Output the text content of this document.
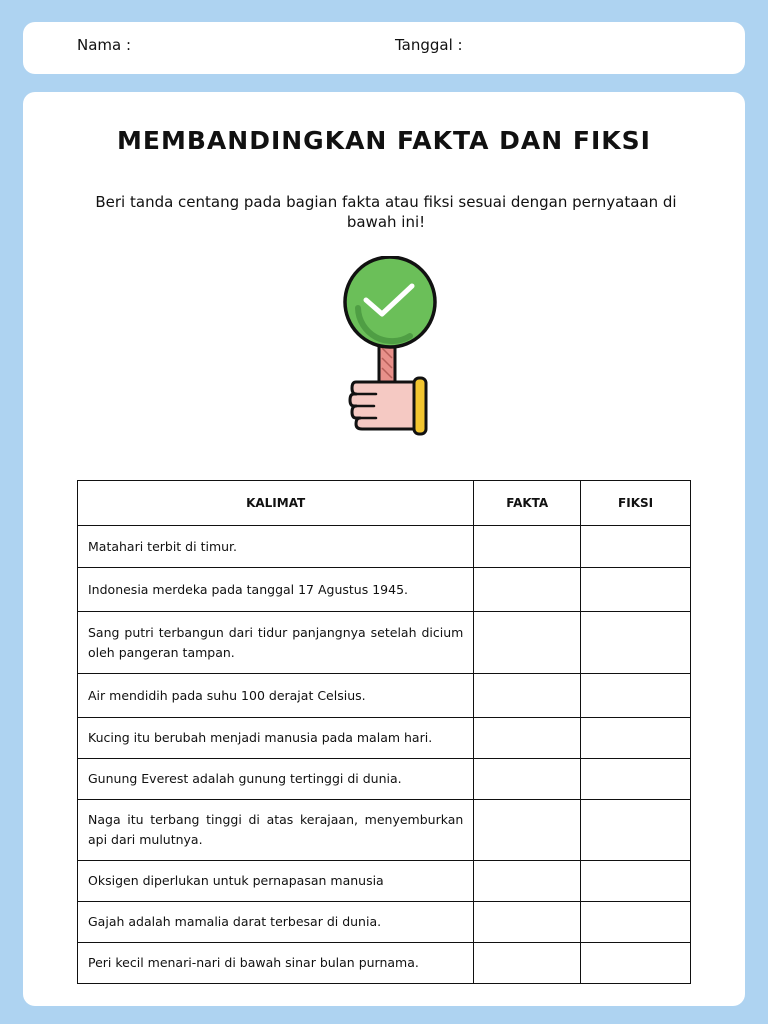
Nama :	Tanggal :
MEMBANDINGKAN FAKTA DAN FIKSI
Beri tanda centang pada bagian fakta atau fiksi sesuai dengan pernyataan di bawah ini!
KALIMAT	FAKTA	FIKSI
Matahari terbit di timur.		
Indonesia merdeka pada tanggal 17 Agustus 1945.		
Sang putri terbangun dari tidur panjangnya setelah dicium oleh pangeran tampan.		
Air mendidih pada suhu 100 derajat Celsius.		
Kucing itu berubah menjadi manusia pada malam hari.		
Gunung Everest adalah gunung tertinggi di dunia.		
Naga itu terbang tinggi di atas kerajaan, menyemburkan api dari mulutnya.		
Oksigen diperlukan untuk pernapasan manusia		
Gajah adalah mamalia darat terbesar di dunia.		
Peri kecil menari-nari di bawah sinar bulan purnama.		
